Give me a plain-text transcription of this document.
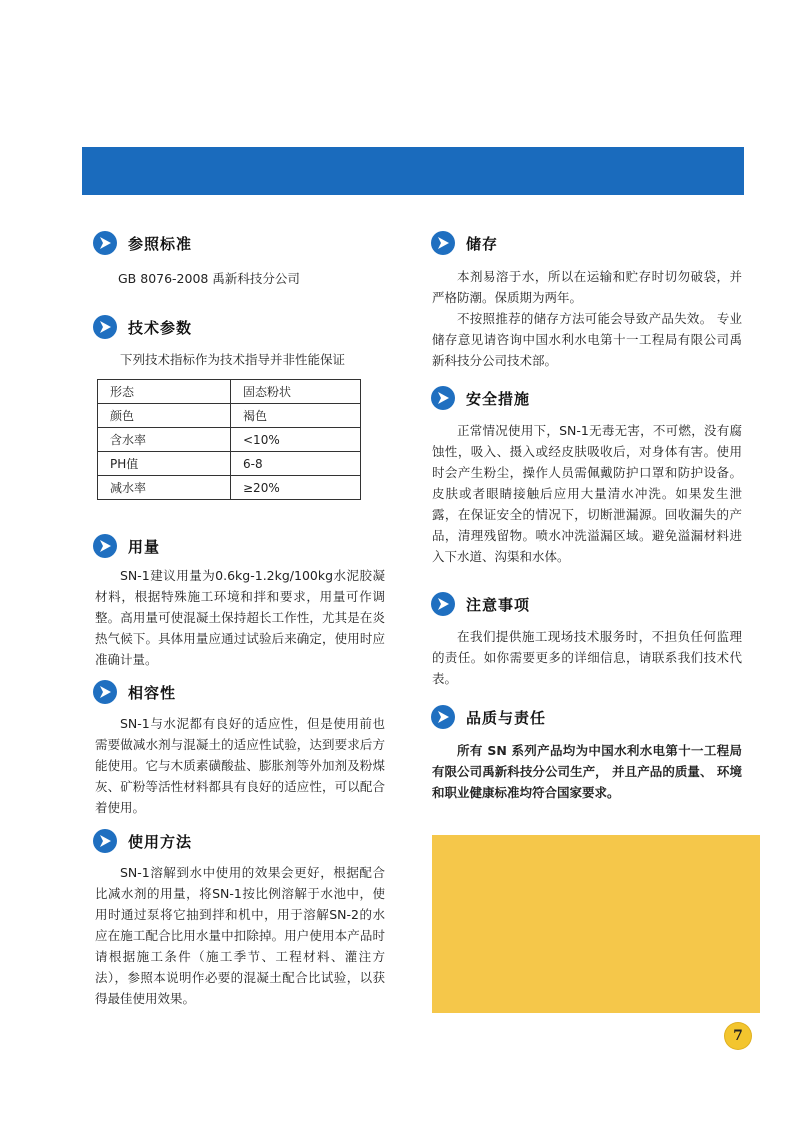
参照标准
GB 8076-2008 禹新科技分公司
技术参数
下列技术指标作为技术指导并非性能保证
形态	固态粉状
颜色	褐色
含水率	<10%
PH值	6-8
减水率	≥20%
用量

SN-1建议用量为0.6kg-1.2kg/100kg水泥胶凝材料，根据特殊施工环境和拌和要求，用量可作调整。高用量可使混凝土保持超长工作性，尤其是在炎热气候下。具体用量应通过试验后来确定，使用时应准确计量。

相容性

SN-1与水泥都有良好的适应性，但是使用前也需要做减水剂与混凝土的适应性试验，达到要求后方能使用。它与木质素磺酸盐、膨胀剂等外加剂及粉煤灰、矿粉等活性材料都具有良好的适应性，可以配合着使用。

使用方法

SN-1溶解到水中使用的效果会更好，根据配合比减水剂的用量，将SN-1按比例溶解于水池中，使用时通过泵将它抽到拌和机中，用于溶解SN-2的水应在施工配合比用水量中扣除掉。用户使用本产品时请根据施工条件（施工季节、工程材料、灌注方法），参照本说明作必要的混凝土配合比试验，以获得最佳使用效果。

储存

本剂易溶于水，所以在运输和贮存时切勿破袋，并严格防潮。保质期为两年。

不按照推荐的储存方法可能会导致产品失效。 专业储存意见请咨询中国水利水电第十一工程局有限公司禹新科技分公司技术部。

安全措施

正常情况使用下，SN-1无毒无害，不可燃，没有腐蚀性，吸入、摄入或经皮肤吸收后，对身体有害。使用时会产生粉尘，操作人员需佩戴防护口罩和防护设备。皮肤或者眼睛接触后应用大量清水冲洗。如果发生泄露，在保证安全的情况下，切断泄漏源。回收漏失的产品，清理残留物。喷水冲洗溢漏区域。避免溢漏材料进入下水道、沟渠和水体。

注意事项

在我们提供施工现场技术服务时，不担负任何监理的责任。如你需要更多的详细信息，请联系我们技术代表。

品质与责任

所有 SN 系列产品均为中国水利水电第十一工程局有限公司禹新科技分公司生产， 并且产品的质量、 环境和职业健康标准均符合国家要求。

7
